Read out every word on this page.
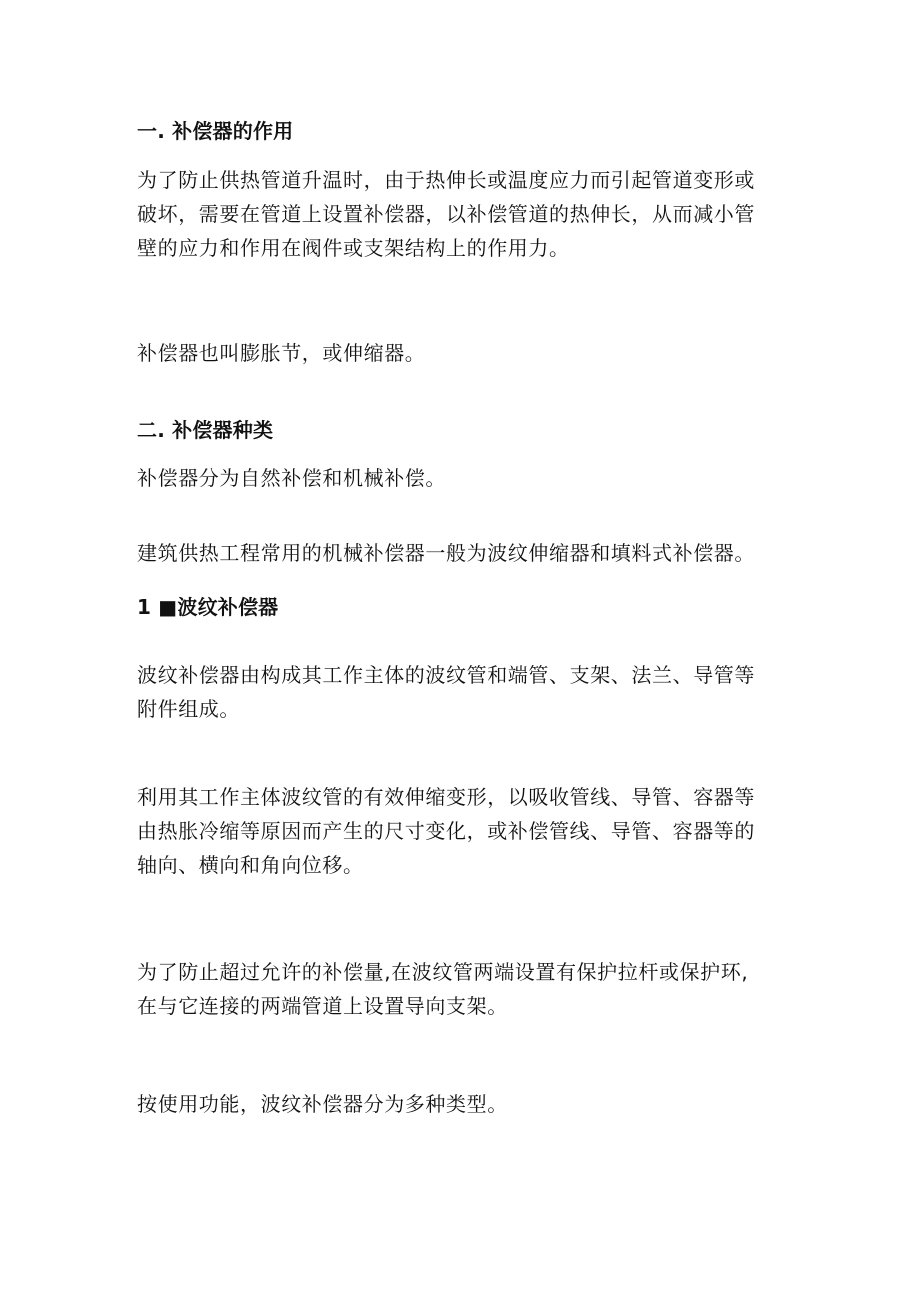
一. 补偿器的作用

为了防止供热管道升温时，由于热伸长或温度应力而引起管道变形或
破坏，需要在管道上设置补偿器，以补偿管道的热伸长，从而减小管
壁的应力和作用在阀件或支架结构上的作用力。

补偿器也叫膨胀节，或伸缩器。

二. 补偿器种类

补偿器分为自然补偿和机械补偿。

建筑供热工程常用的机械补偿器一般为波纹伸缩器和填料式补偿器。

1 ■波纹补偿器

波纹补偿器由构成其工作主体的波纹管和端管、支架、法兰、导管等
附件组成。

利用其工作主体波纹管的有效伸缩变形，以吸收管线、导管、容器等
由热胀冷缩等原因而产生的尺寸变化，或补偿管线、导管、容器等的
轴向、横向和角向位移。

为了防止超过允许的补偿量,在波纹管两端设置有保护拉杆或保护环,
在与它连接的两端管道上设置导向支架。

按使用功能，波纹补偿器分为多种类型。
